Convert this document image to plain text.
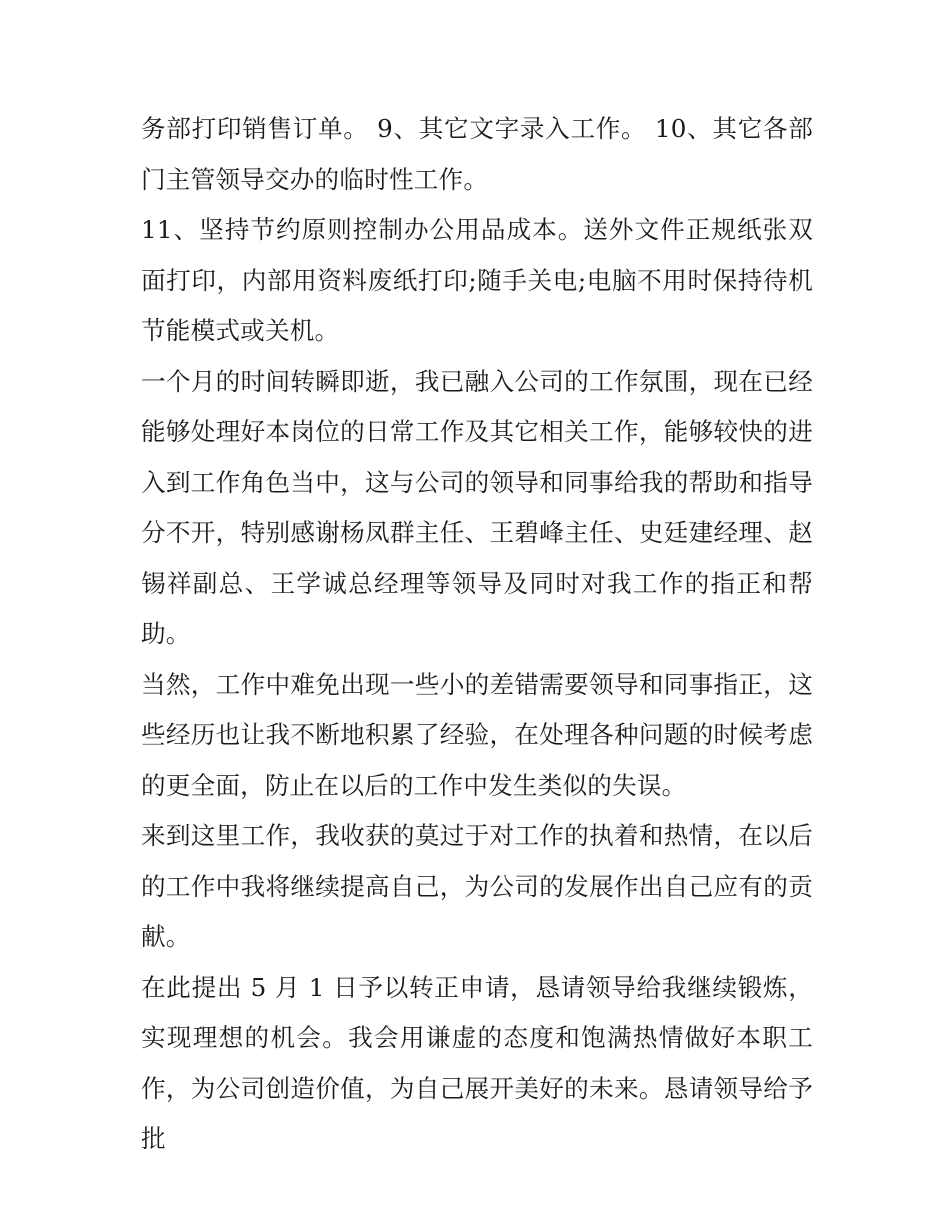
务部打印销售订单。 9、其它文字录入工作。 10、其它各部门主管领导交办的临时性工作。

11、坚持节约原则控制办公用品成本。送外文件正规纸张双面打印，内部用资料废纸打印;随手关电;电脑不用时保持待机节能模式或关机。

一个月的时间转瞬即逝，我已融入公司的工作氛围，现在已经能够处理好本岗位的日常工作及其它相关工作，能够较快的进入到工作角色当中，这与公司的领导和同事给我的帮助和指导分不开，特别感谢杨凤群主任、王碧峰主任、史廷建经理、赵锡祥副总、王学诚总经理等领导及同时对我工作的指正和帮助。

当然，工作中难免出现一些小的差错需要领导和同事指正，这些经历也让我不断地积累了经验，在处理各种问题的时候考虑的更全面，防止在以后的工作中发生类似的失误。

来到这里工作，我收获的莫过于对工作的执着和热情，在以后的工作中我将继续提高自己，为公司的发展作出自己应有的贡献。

在此提出 5 月 1 日予以转正申请，恳请领导给我继续锻炼，实现理想的机会。我会用谦虚的态度和饱满热情做好本职工作，为公司创造价值，为自己展开美好的未来。恳请领导给予批
